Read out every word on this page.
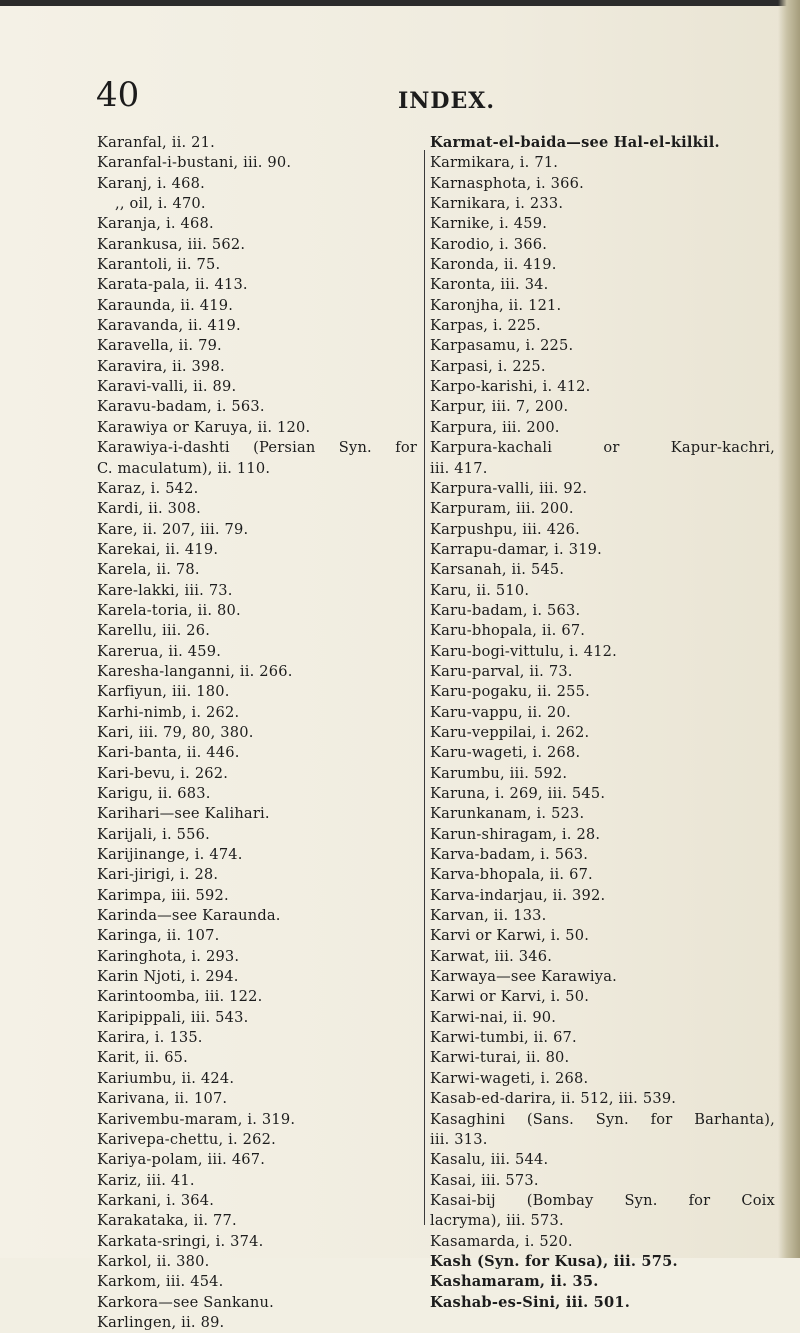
40	INDEX.
Karanfal, ii. 21.
Karanfal-i-bustani, iii. 90.
Karanj, i. 468.
,, oil, i. 470.
Karanja, i. 468.
Karankusa, iii. 562.
Karantoli, ii. 75.
Karata-pala, ii. 413.
Karaunda, ii. 419.
Karavanda, ii. 419.
Karavella, ii. 79.
Karavira, ii. 398.
Karavi-valli, ii. 89.
Karavu-badam, i. 563.
Karawiya or Karuya, ii. 120.
Karawiya-i-dashti (Persian Syn. for
C. maculatum), ii. 110.
Karaz, i. 542.
Kardi, ii. 308.
Kare, ii. 207, iii. 79.
Karekai, ii. 419.
Karela, ii. 78.
Kare-lakki, iii. 73.
Karela-toria, ii. 80.
Karellu, iii. 26.
Karerua, ii. 459.
Karesha-langanni, ii. 266.
Karfiyun, iii. 180.
Karhi-nimb, i. 262.
Kari, iii. 79, 80, 380.
Kari-banta, ii. 446.
Kari-bevu, i. 262.
Karigu, ii. 683.
Karihari—see Kalihari.
Karijali, i. 556.
Karijinange, i. 474.
Kari-jirigi, i. 28.
Karimpa, iii. 592.
Karinda—see Karaunda.
Karinga, ii. 107.
Karinghota, i. 293.
Karin Njoti, i. 294.
Karintoomba, iii. 122.
Karipippali, iii. 543.
Karira, i. 135.
Karit, ii. 65.
Kariumbu, ii. 424.
Karivana, ii. 107.
Karivembu-maram, i. 319.
Karivepa-chettu, i. 262.
Kariya-polam, iii. 467.
Kariz, iii. 41.
Karkani, i. 364.
Karakataka, ii. 77.
Karkata-sringi, i. 374.
Karkol, ii. 380.
Karkom, iii. 454.
Karkora—see Sankanu.
Karlingen, ii. 89.
Karmat-el-baida—see Hal-el-kilkil.
Karmikara, i. 71.
Karnasphota, i. 366.
Karnikara, i. 233.
Karnike, i. 459.
Karodio, i. 366.
Karonda, ii. 419.
Karonta, iii. 34.
Karonjha, ii. 121.
Karpas, i. 225.
Karpasamu, i. 225.
Karpasi, i. 225.
Karpo-karishi, i. 412.
Karpur, iii. 7, 200.
Karpura, iii. 200.
Karpura-kachali	or	Kapur-kachri,
iii. 417.
Karpura-valli, iii. 92.
Karpuram, iii. 200.
Karpushpu, iii. 426.
Karrapu-damar, i. 319.
Karsanah, ii. 545.
Karu, ii. 510.
Karu-badam, i. 563.
Karu-bhopala, ii. 67.
Karu-bogi-vittulu, i. 412.
Karu-parval, ii. 73.
Karu-pogaku, ii. 255.
Karu-vappu, ii. 20.
Karu-veppilai, i. 262.
Karu-wageti, i. 268.
Karumbu, iii. 592.
Karuna, i. 269, iii. 545.
Karunkanam, i. 523.
Karun-shiragam, i. 28.
Karva-badam, i. 563.
Karva-bhopala, ii. 67.
Karva-indarjau, ii. 392.
Karvan, ii. 133.
Karvi or Karwi, i. 50.
Karwat, iii. 346.
Karwaya—see Karawiya.
Karwi or Karvi, i. 50.
Karwi-nai, ii. 90.
Karwi-tumbi, ii. 67.
Karwi-turai, ii. 80.
Karwi-wageti, i. 268.
Kasab-ed-darira, ii. 512, iii. 539.
Kasaghini (Sans. Syn. for Barhanta),
iii. 313.
Kasalu, iii. 544.
Kasai, iii. 573.
Kasai-bij (Bombay Syn. for Coix
lacryma), iii. 573.
Kasamarda, i. 520.
Kash (Syn. for Kusa), iii. 575.
Kashamaram, ii. 35.
Kashab-es-Sini, iii. 501.
